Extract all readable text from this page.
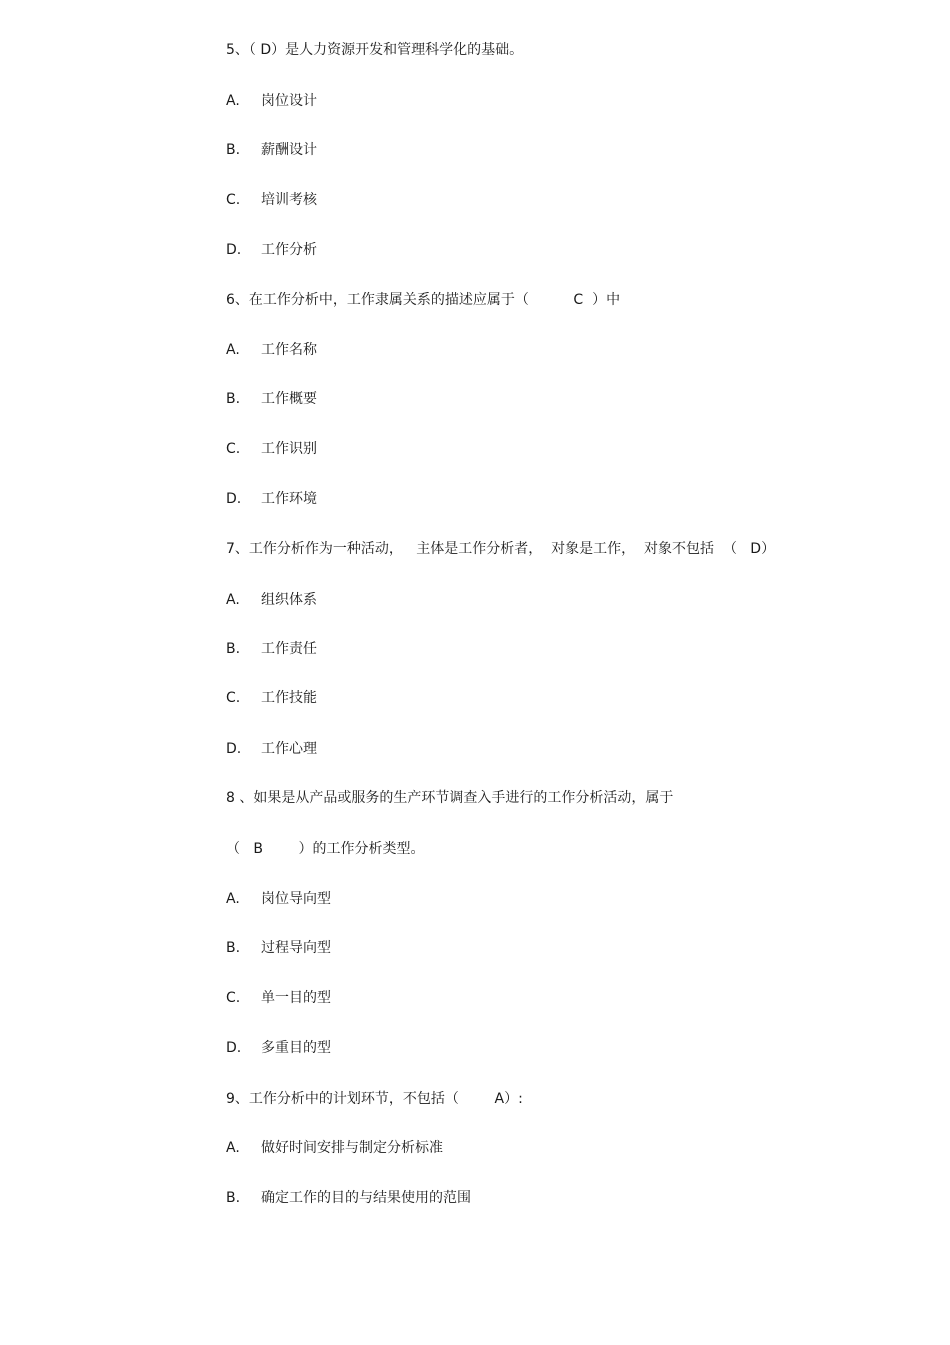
5、（ D）是人力资源开发和管理科学化的基础。
A. 岗位设计
B. 薪酬设计
C. 培训考核
D. 工作分析
6、在工作分析中，工作隶属关系的描述应属于（          C  ）中
A. 工作名称
B. 工作概要
C. 工作识别
D. 工作环境
7、工作分析作为一种活动，   主体是工作分析者，  对象是工作，  对象不包括  （   D）
A. 组织体系
B. 工作责任
C. 工作技能
D. 工作心理
8 、如果是从产品或服务的生产环节调查入手进行的工作分析活动，属于
（   B        ）的工作分析类型。
A. 岗位导向型
B. 过程导向型
C. 单一目的型
D. 多重目的型
9、工作分析中的计划环节，不包括（        A）:
A. 做好时间安排与制定分析标准
B. 确定工作的目的与结果使用的范围
